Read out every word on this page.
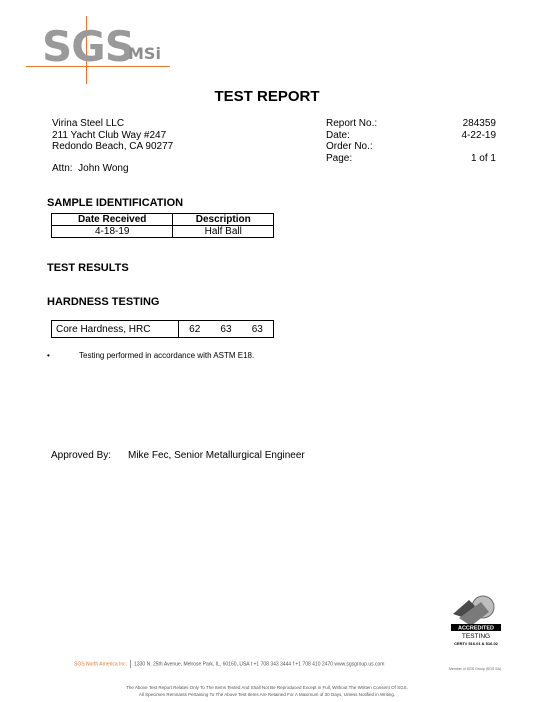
SGS
MSi
TEST REPORT
Virina Steel LLC
211 Yacht Club Way #247
Redondo Beach, CA 90277
Attn: John Wong
Report No.:	284359
Date:	4-22-19
Order No.:
Page:	1 of 1
SAMPLE IDENTIFICATION
Date Received	Description
4-18-19	Half Ball
TEST RESULTS
HARDNESS TESTING
Core Hardness, HRC	62	63	63
•	Testing performed in accordance with ASTM E18.
Approved By: Mike Fec, Senior Metallurgical Engineer
ACCREDITED
TESTING
CERT# 516.01 & 516.02
Member of SGS Group (SGS SA)
SGS North America Inc. 1330 N. 25th Avenue, Melrose Park, IL, 60160, USA t +1 708 343 3444 f +1 708 410 2470 www.sgsgroup.us.com
The Above Test Report Relates Only To The Items Tested And Shall Not Be Reproduced Except in Full, Without The Written Consent Of SGS.
All Specimen Remnants Pertaining To The Above Test Items Are Retained For A Maximum of 30 Days, Unless Notified in Writing.
